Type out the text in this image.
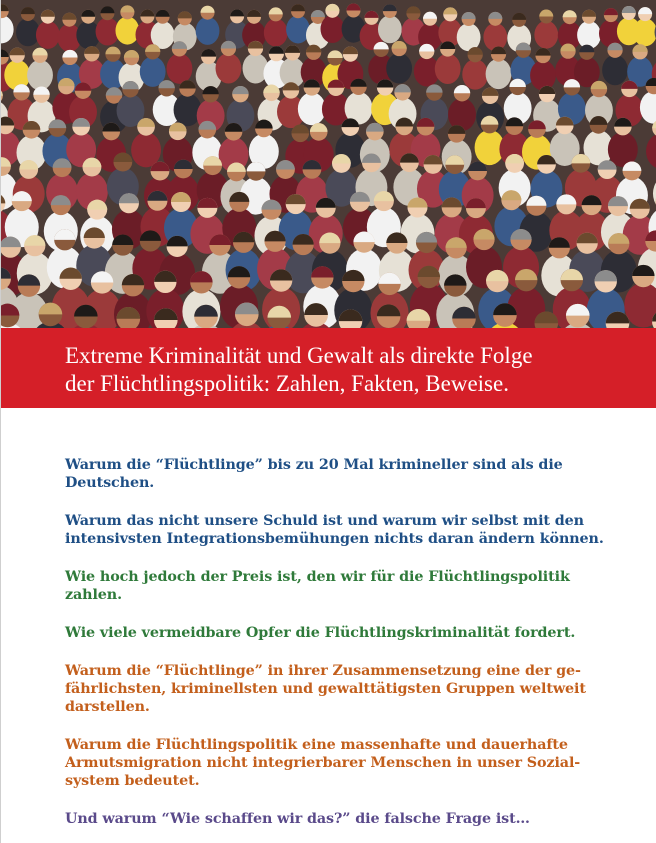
Extreme Kriminalität und Gewalt als direkte Folge
der Flüchtlingspolitik: Zahlen, Fakten, Beweise.

Warum die “Flüchtlinge” bis zu 20 Mal krimineller sind als die
Deutschen.

Warum das nicht unsere Schuld ist und warum wir selbst mit den
intensivsten Integrationsbemühungen nichts daran ändern können.

Wie hoch jedoch der Preis ist, den wir für die Flüchtlingspolitik
zahlen.

Wie viele vermeidbare Opfer die Flüchtlingskriminalität fordert.

Warum die “Flüchtlinge” in ihrer Zusammensetzung eine der ge-
fährlichsten, kriminellsten und gewalttätigsten Gruppen weltweit
darstellen.

Warum die Flüchtlingspolitik eine massenhafte und dauerhafte
Armutsmigration nicht integrierbarer Menschen in unser Sozial-
system bedeutet.

Und warum “Wie schaffen wir das?” die falsche Frage ist…
